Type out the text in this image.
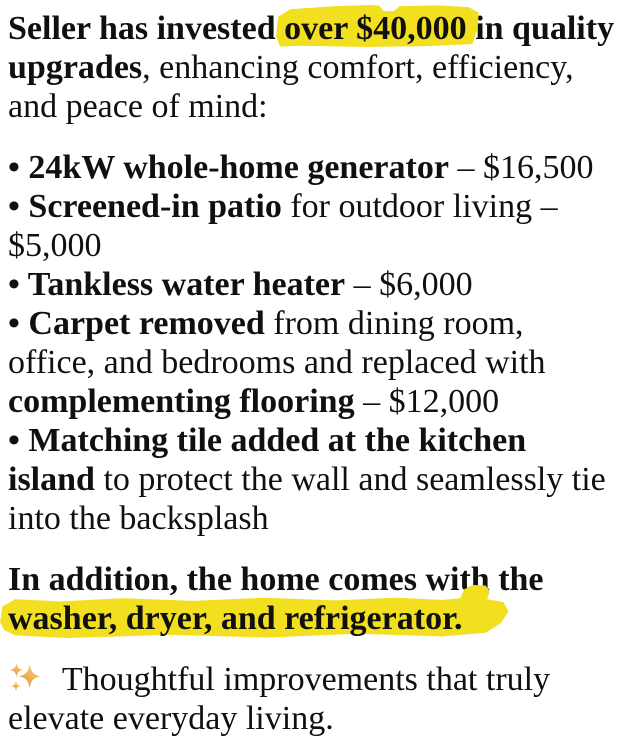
Seller has invested over $40,000 in quality
upgrades, enhancing comfort, efficiency,
and peace of mind:
• 24kW whole-home generator – $16,500
• Screened-in patio for outdoor living –
$5,000
• Tankless water heater – $6,000
• Carpet removed from dining room,
office, and bedrooms and replaced with
complementing flooring – $12,000
• Matching tile added at the kitchen
island to protect the wall and seamlessly tie
into the backsplash
In addition, the home comes with the
washer, dryer, and refrigerator.
Thoughtful improvements that truly
elevate everyday living.
